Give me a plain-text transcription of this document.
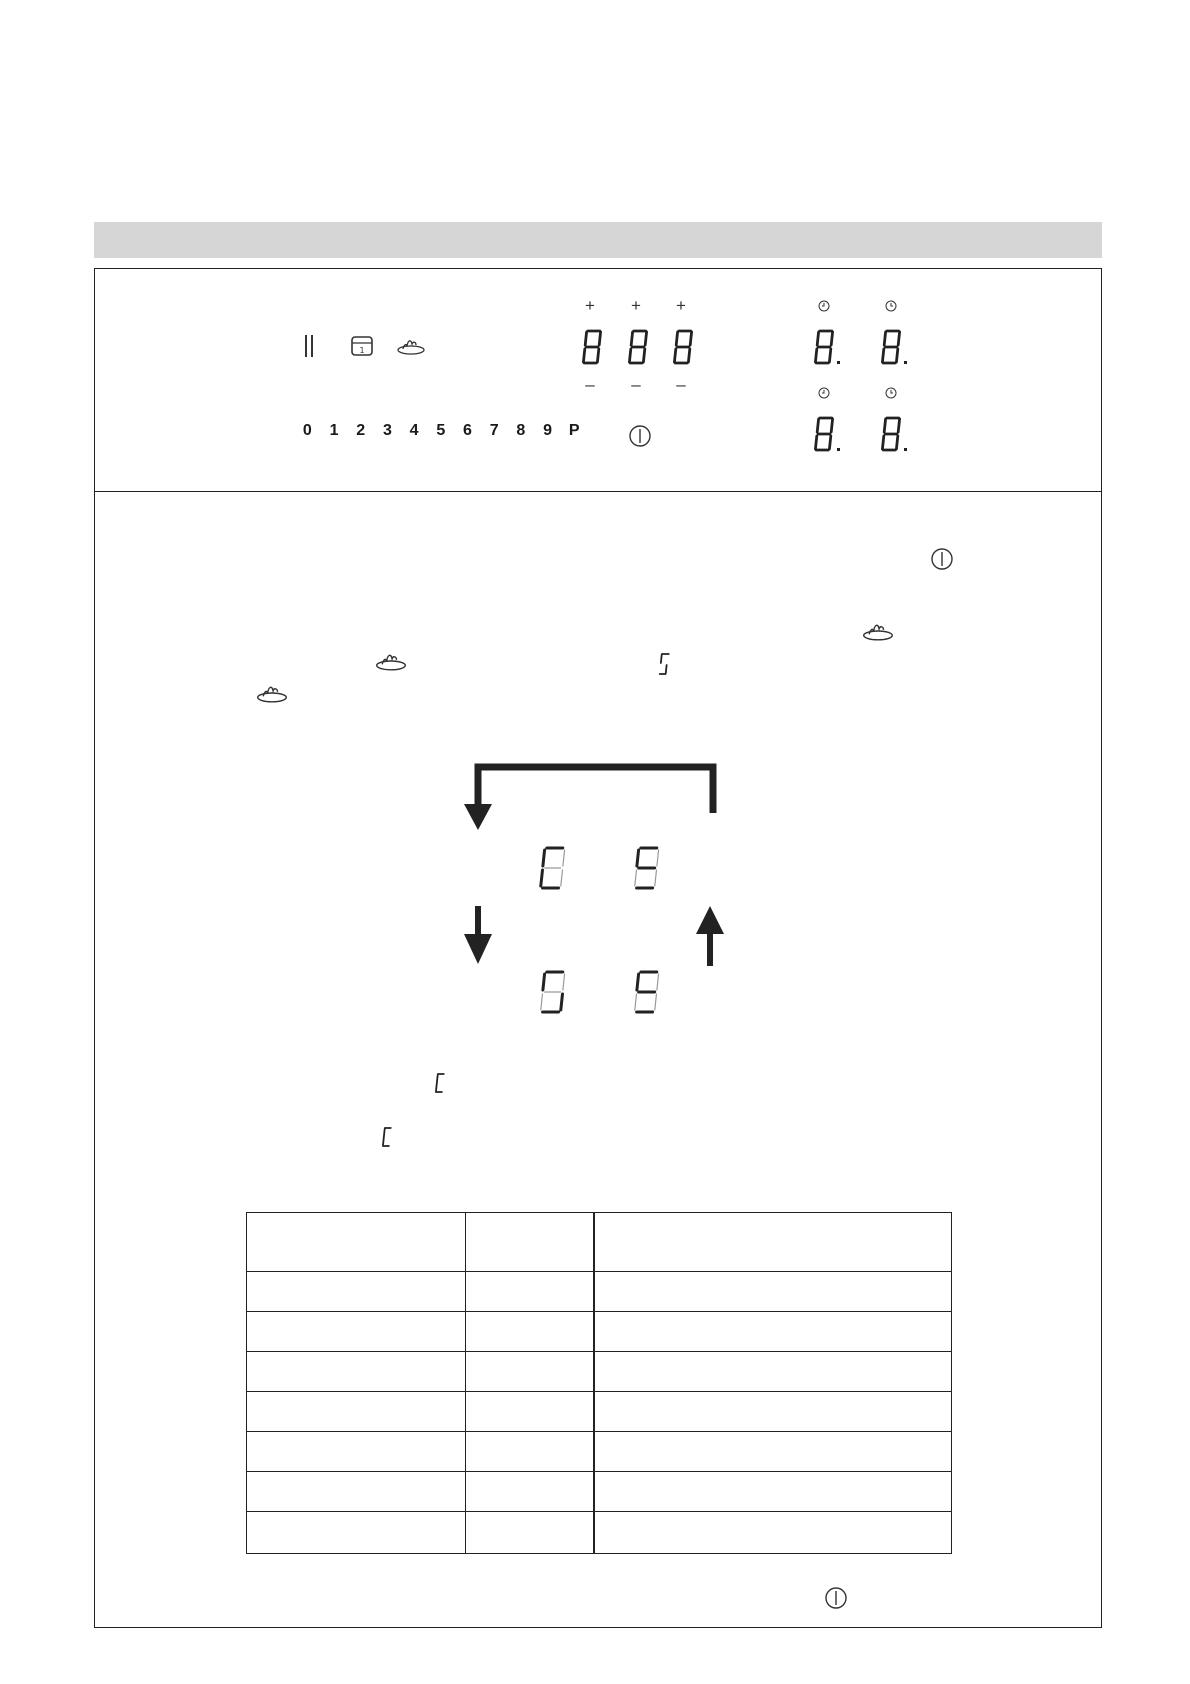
1
+ + +
–	–	–
0 1 2 3 4 5 6 7 8 9 P
